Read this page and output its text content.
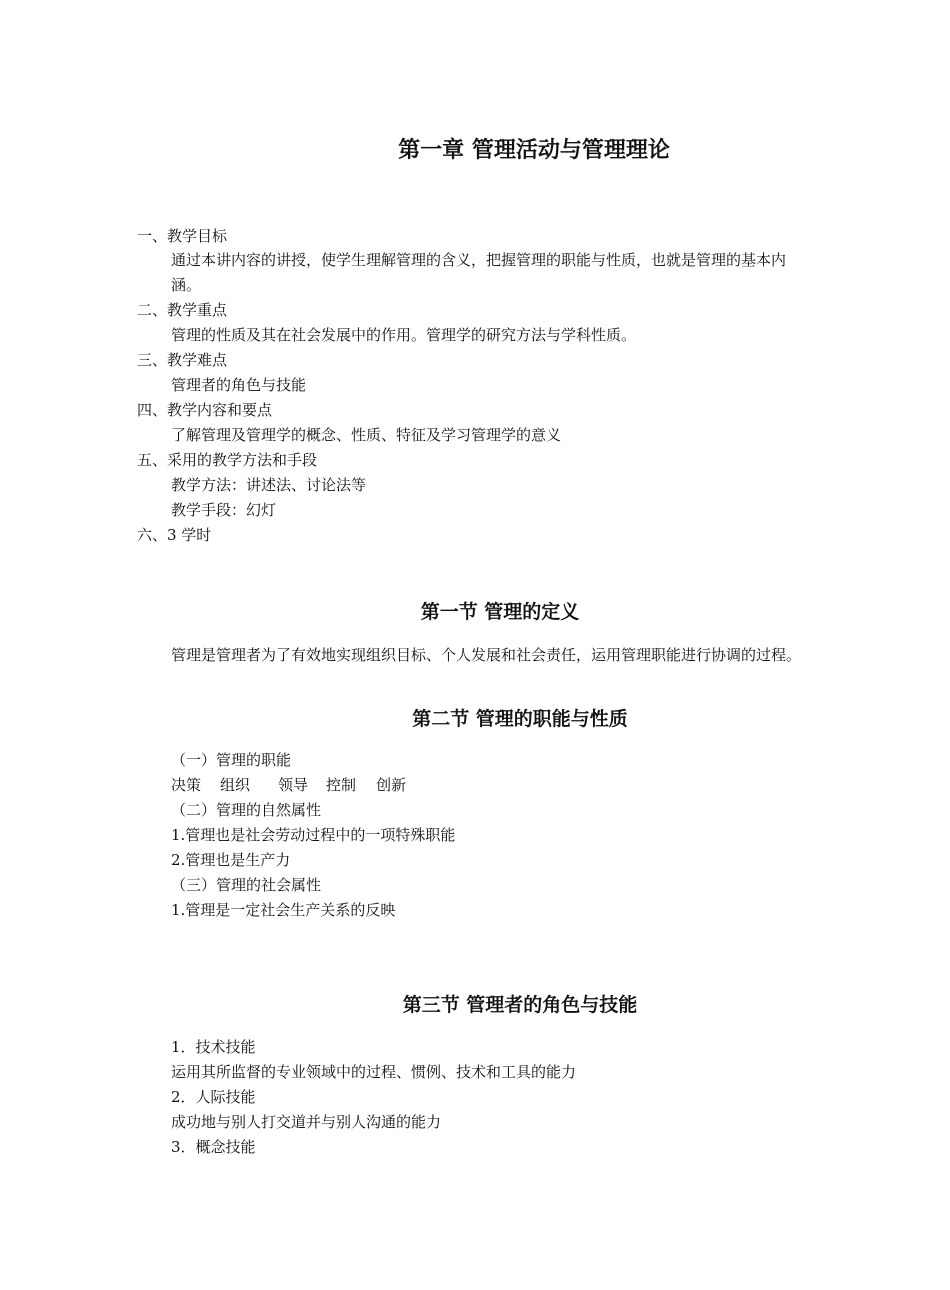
第一章 管理活动与管理理论

一、教学目标

通过本讲内容的讲授，使学生理解管理的含义，把握管理的职能与性质，也就是管理的基本内

涵。

二、教学重点

管理的性质及其在社会发展中的作用。管理学的研究方法与学科性质。

三、教学难点

管理者的角色与技能

四、教学内容和要点

了解管理及管理学的概念、性质、特征及学习管理学的意义

五、采用的教学方法和手段

教学方法：讲述法、讨论法等

教学手段：幻灯

六、3 学时

第一节 管理的定义

管理是管理者为了有效地实现组织目标、个人发展和社会责任，运用管理职能进行协调的过程。

第二节 管理的职能与性质

（一）管理的职能

决策 组织 领导 控制 创新

（二）管理的自然属性

1.管理也是社会劳动过程中的一项特殊职能

2.管理也是生产力

（三）管理的社会属性

1.管理是一定社会生产关系的反映

第三节 管理者的角色与技能

1．技术技能

运用其所监督的专业领域中的过程、惯例、技术和工具的能力

2．人际技能

成功地与别人打交道并与别人沟通的能力

3．概念技能
